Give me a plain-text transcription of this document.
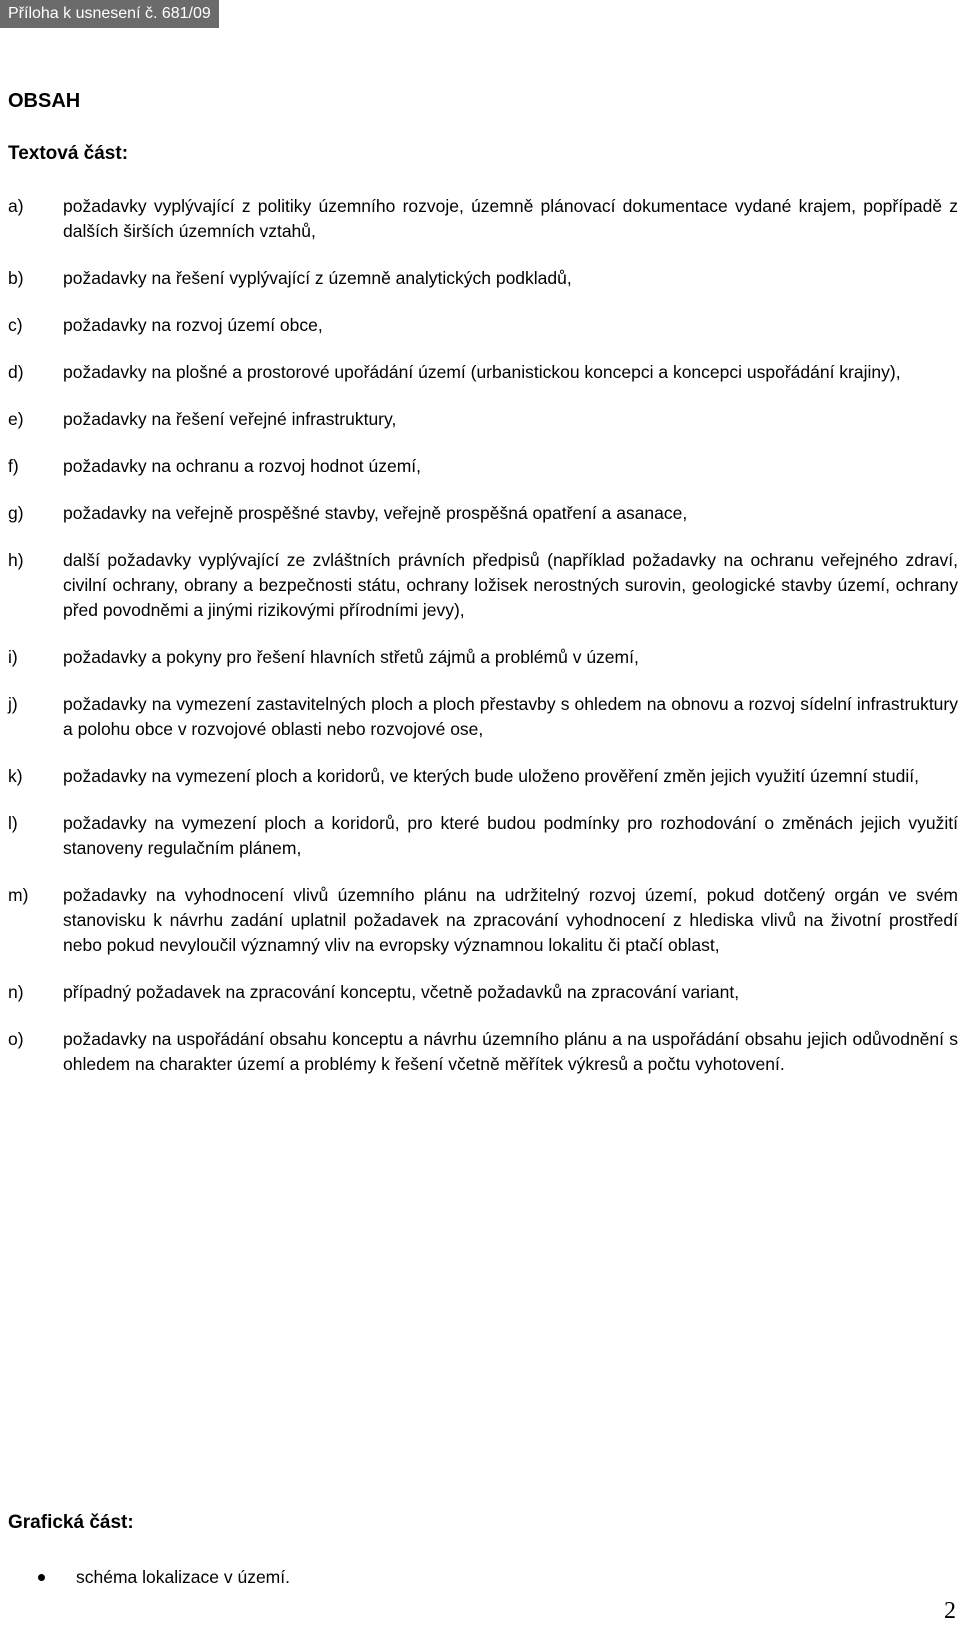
Příloha k usnesení č. 681/09
OBSAH
Textová část:
a)	požadavky vyplývající z politiky územního rozvoje, územně plánovací dokumentace vydané krajem, popřípadě z dalších širších územních vztahů,
b)	požadavky na řešení vyplývající z územně analytických podkladů,
c)	požadavky na rozvoj území obce,
d)	požadavky na plošné a prostorové upořádání území (urbanistickou koncepci a koncepci uspořádání krajiny),
e)	požadavky na řešení veřejné infrastruktury,
f)	požadavky na ochranu a rozvoj hodnot území,
g)	požadavky na veřejně prospěšné stavby, veřejně prospěšná opatření a asanace,
h)	další požadavky vyplývající ze zvláštních právních předpisů (například požadavky na ochranu veřejného zdraví, civilní ochrany, obrany a bezpečnosti státu, ochrany ložisek nerostných surovin, geologické stavby území, ochrany před povodněmi a jinými rizikovými přírodními jevy),
i)	požadavky a pokyny pro řešení hlavních střetů zájmů a problémů v území,
j)	požadavky na vymezení zastavitelných ploch a ploch přestavby s ohledem na obnovu a rozvoj sídelní infrastruktury a polohu obce v rozvojové oblasti nebo rozvojové ose,
k)	požadavky na vymezení ploch a koridorů, ve kterých bude uloženo prověření změn jejich využití územní studií,
l)	požadavky na vymezení ploch a koridorů, pro které budou podmínky pro rozhodování o změnách jejich využití stanoveny regulačním plánem,
m)	požadavky na vyhodnocení vlivů územního plánu na udržitelný rozvoj území, pokud dotčený orgán ve svém stanovisku k návrhu zadání uplatnil požadavek na zpracování vyhodnocení z hlediska vlivů na životní prostředí nebo pokud nevyloučil významný vliv na evropsky významnou lokalitu či ptačí oblast,
n)	případný požadavek na zpracování konceptu, včetně požadavků na zpracování variant,
o)	požadavky na uspořádání obsahu konceptu a návrhu územního plánu a na uspořádání obsahu jejich odůvodnění s ohledem na charakter území a problémy k řešení včetně měřítek výkresů a počtu vyhotovení.
Grafická část:
schéma lokalizace v území.
2
